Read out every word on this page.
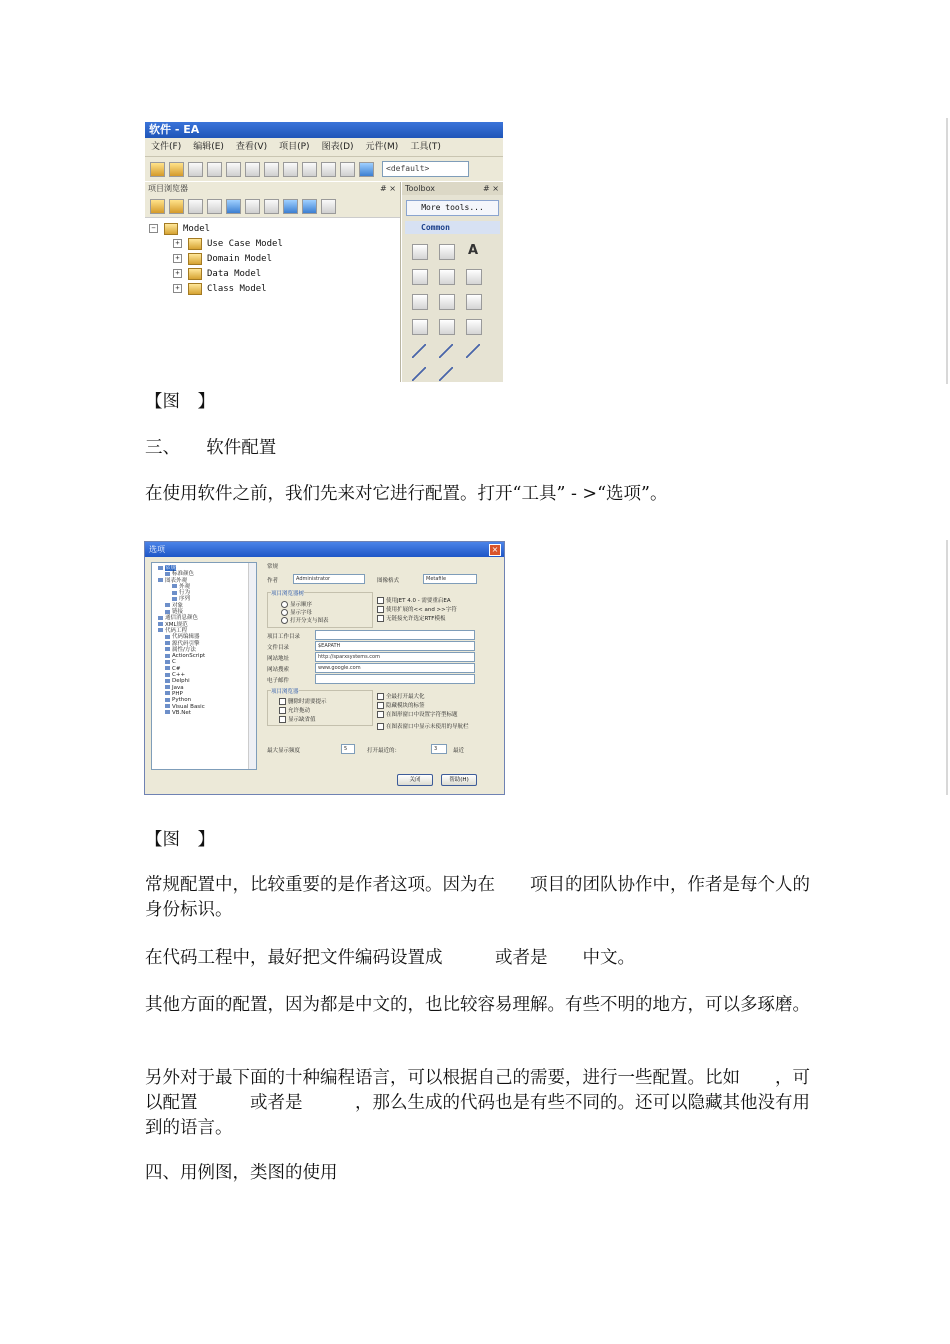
软件 - EA
文件(F) 编辑(E) 查看(V) 项目(P) 图表(D) 元件(M) 工具(T)
<default>
项目浏览器	# ×
−	Model
+	Use Case Model
+	Domain Model
+	Data Model
+	Class Model
Toolbox	# ×
More tools...
Common
A
【图　】
三、　　软件配置
在使用软件之前，我们先来对它进行配置。打开“工具” - >“选项”。
选项	×
常规
标准颜色
图表外观
外观
行为
序列
对象
链接
通信消息颜色
XML规范
代码工程
代码编辑器
源代码引擎
属性/方法
ActionScript
C
C#
C++
Delphi
Java
PHP
Python
Visual Basic
VB.Net
常规
作者	Administrator	图像格式	Metafile
项目浏览器树
显示顺序
显示字母
打开分支与图表
使用JET 4.0 - 需要重启EA
使用扩展的<< and >>字符
无链接允许选定RTF模板
项目工作目录
文件目录	$EAPATH
网站地址	http://sparxsystems.com
网站搜索	www.google.com
电子邮件
项目浏览器
删除时需要提示
允许拖动
显示缺省值
全最打开最大化
隐藏模块的标签
在图形窗口中设置字符型标题
在图表窗口中显示未使用的导航栏
最大显示频度	5	打开最近的：	3	最近
关闭	帮助(H)
【图　】
常规配置中，比较重要的是作者这项。因为在　　项目的团队协作中，作者是每个人的身份标识。
在代码工程中，最好把文件编码设置成　　　或者是　　中文。
其他方面的配置，因为都是中文的，也比较容易理解。有些不明的地方，可以多琢磨。
另外对于最下面的十种编程语言，可以根据自己的需要，进行一些配置。比如　　，可以配置　　　或者是　　　，那么生成的代码也是有些不同的。还可以隐藏其他没有用到的语言。
四、用例图，类图的使用
